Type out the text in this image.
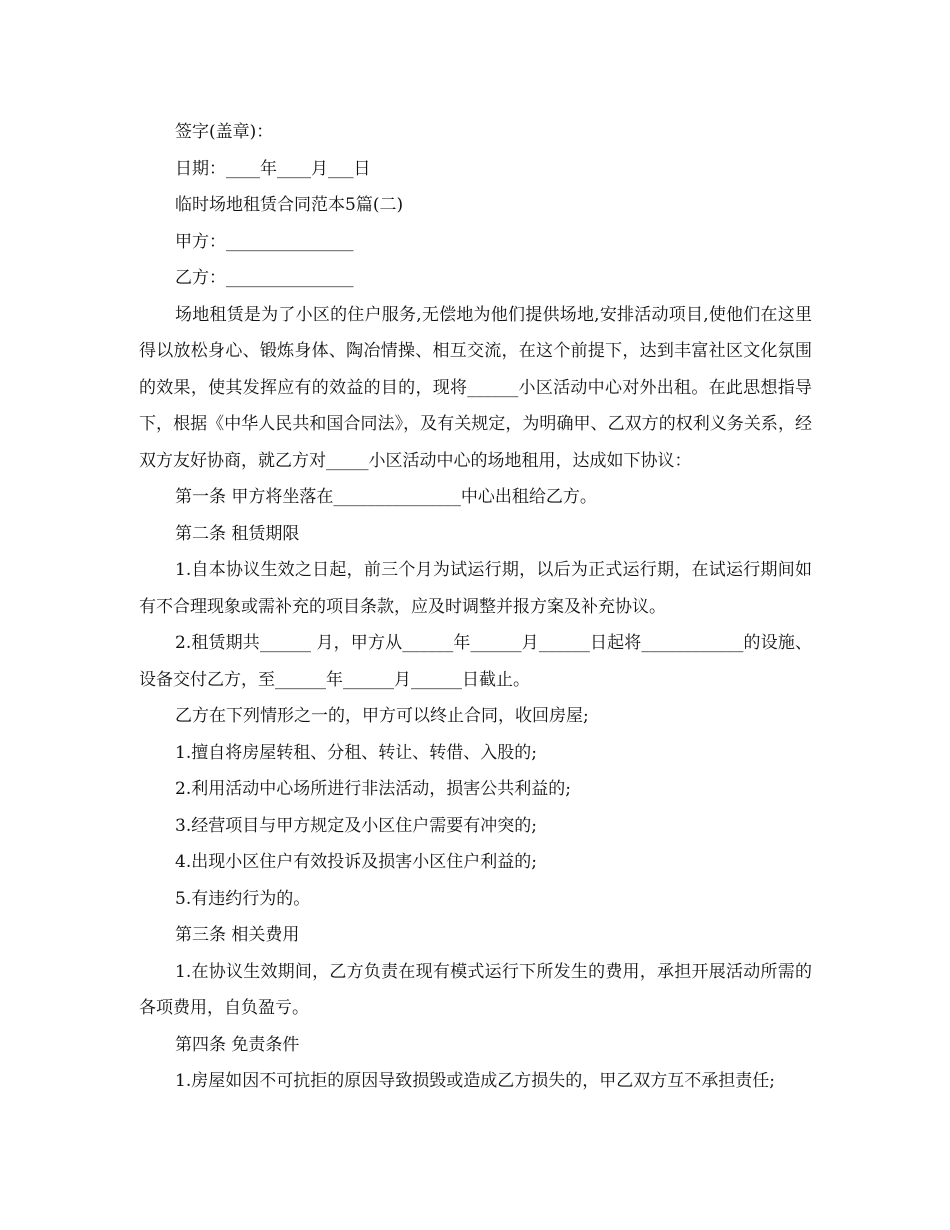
签字(盖章)：
日期：____年____月___日
临时场地租赁合同范本5篇(二)
甲方：_______________
乙方：_______________
场地租赁是为了小区的住户服务,无偿地为他们提供场地,安排活动项目,使他们在这里得以放松身心、锻炼身体、陶冶情操、相互交流，在这个前提下，达到丰富社区文化氛围的效果，使其发挥应有的效益的目的，现将______小区活动中心对外出租。在此思想指导下，根据《中华人民共和国合同法》，及有关规定，为明确甲、乙双方的权利义务关系，经双方友好协商，就乙方对_____小区活动中心的场地租用，达成如下协议：
第一条 甲方将坐落在_______________中心出租给乙方。
第二条 租赁期限
1.自本协议生效之日起，前三个月为试运行期，以后为正式运行期，在试运行期间如有不合理现象或需补充的项目条款，应及时调整并报方案及补充协议。
2.租赁期共______ 月，甲方从______年______月______日起将____________的设施、设备交付乙方，至______年______月______日截止。
乙方在下列情形之一的，甲方可以终止合同，收回房屋;
1.擅自将房屋转租、分租、转让、转借、入股的;
2.利用活动中心场所进行非法活动，损害公共利益的;
3.经营项目与甲方规定及小区住户需要有冲突的;
4.出现小区住户有效投诉及损害小区住户利益的;
5.有违约行为的。
第三条 相关费用
1.在协议生效期间，乙方负责在现有模式运行下所发生的费用，承担开展活动所需的各项费用，自负盈亏。
第四条 免责条件
1.房屋如因不可抗拒的原因导致损毁或造成乙方损失的，甲乙双方互不承担责任;
